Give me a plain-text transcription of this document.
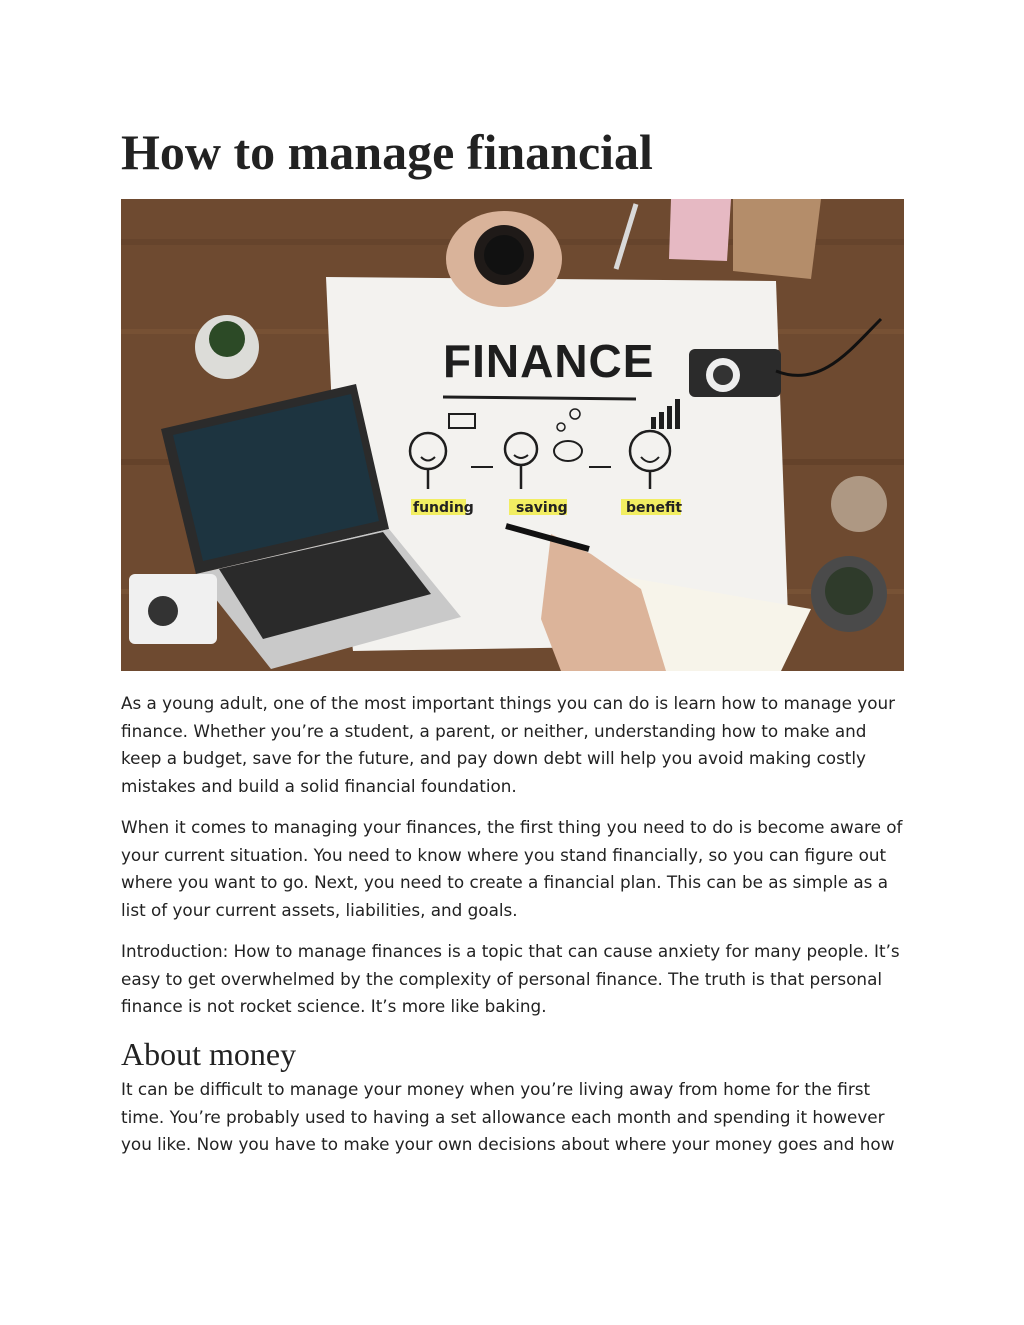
How to manage financial
FINANCE
funding	saving	benefit

As a young adult, one of the most important things you can do is learn how to manage your finance. Whether you’re a student, a parent, or neither, understanding how to make and keep a budget, save for the future, and pay down debt will help you avoid making costly mistakes and build a solid financial foundation.

When it comes to managing your finances, the first thing you need to do is become aware of your current situation. You need to know where you stand financially, so you can figure out where you want to go. Next, you need to create a financial plan. This can be as simple as a list of your current assets, liabilities, and goals.

Introduction: How to manage finances is a topic that can cause anxiety for many people. It’s easy to get overwhelmed by the complexity of personal finance. The truth is that personal finance is not rocket science. It’s more like baking.

About money

It can be difficult to manage your money when you’re living away from home for the first time. You’re probably used to having a set allowance each month and spending it however you like. Now you have to make your own decisions about where your money goes and how
